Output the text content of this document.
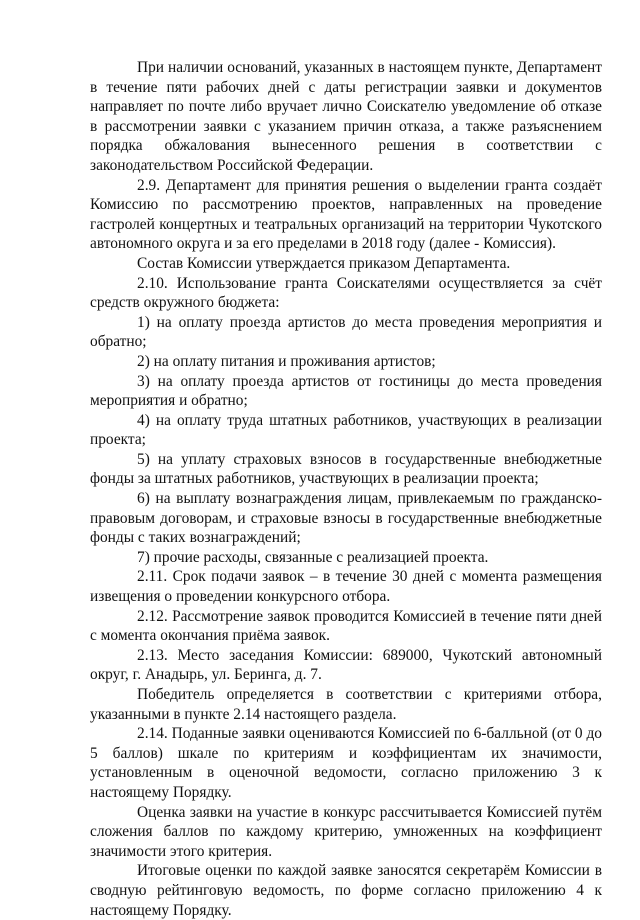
При наличии оснований, указанных в настоящем пункте, Департамент в течение пяти рабочих дней с даты регистрации заявки и документов направляет по почте либо вручает лично Соискателю уведомление об отказе в рассмотрении заявки с указанием причин отказа, а также разъяснением порядка обжалования вынесенного решения в соответствии с законодательством Российской Федерации.

2.9. Департамент для принятия решения о выделении гранта создаёт Комиссию по рассмотрению проектов, направленных на проведение гастролей концертных и театральных организаций на территории Чукотского автономного округа и за его пределами в 2018 году (далее - Комиссия).

Состав Комиссии утверждается приказом Департамента.

2.10. Использование гранта Соискателями осуществляется за счёт средств окружного бюджета:

1) на оплату проезда артистов до места проведения мероприятия и обратно;

2) на оплату питания и проживания артистов;

3) на оплату проезда артистов от гостиницы до места проведения мероприятия и обратно;

4) на оплату труда штатных работников, участвующих в реализации проекта;

5) на уплату страховых взносов в государственные внебюджетные фонды за штатных работников, участвующих в реализации проекта;

6) на выплату вознаграждения лицам, привлекаемым по гражданско-правовым договорам, и страховые взносы в государственные внебюджетные фонды с таких вознаграждений;

7) прочие расходы, связанные с реализацией проекта.

2.11. Срок подачи заявок – в течение 30 дней с момента размещения извещения о проведении конкурсного отбора.

2.12. Рассмотрение заявок проводится Комиссией в течение пяти дней с момента окончания приёма заявок.

2.13. Место заседания Комиссии: 689000, Чукотский автономный округ, г. Анадырь, ул. Беринга, д. 7.

Победитель определяется в соответствии с критериями отбора, указанными в пункте 2.14 настоящего раздела.

2.14. Поданные заявки оцениваются Комиссией по 6-балльной (от 0 до 5 баллов) шкале по критериям и коэффициентам их значимости, установленным в оценочной ведомости, согласно приложению 3 к настоящему Порядку.

Оценка заявки на участие в конкурс рассчитывается Комиссией путём сложения баллов по каждому критерию, умноженных на коэффициент значимости этого критерия.

Итоговые оценки по каждой заявке заносятся секретарём Комиссии в сводную рейтинговую ведомость, по форме согласно приложению 4 к настоящему Порядку.
